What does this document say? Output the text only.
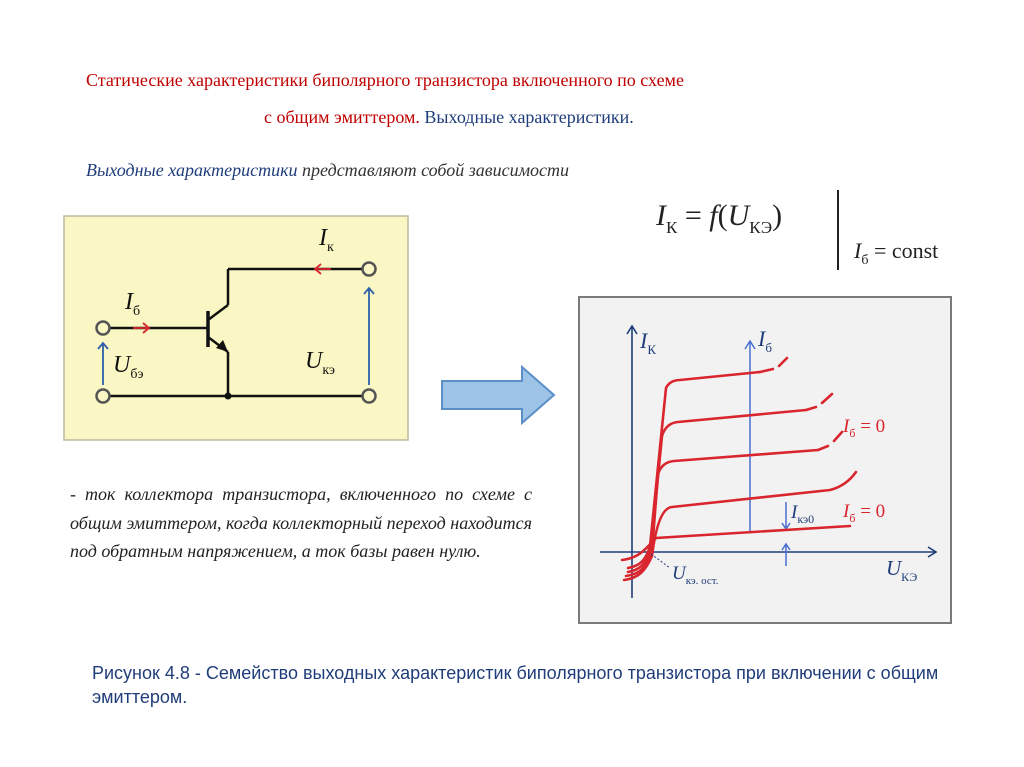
Статические характеристики биполярного транзистора включенного по схеме
с общим эмиттером. Выходные характеристики.
Выходные характеристики представляют собой зависимости
$I_К = f(U_{КЭ})$
$I_б$ = const
$I_к$
$I_б$
$U_{бэ}$
$U_{кэ}$
$I_К$	$I_б$
$I_б = 0$
$I_б = 0$
$I_{кэ0}$
$U_{кэ. ост.}$
$U_{КЭ}$
- ток коллектора транзистора, включенного по схеме с общим эмиттером, когда коллекторный переход находится под обратным напряжением, а ток базы равен нулю.
Рисунок 4.8 - Семейство выходных характеристик биполярного транзистора при включении с общим эмиттером.
